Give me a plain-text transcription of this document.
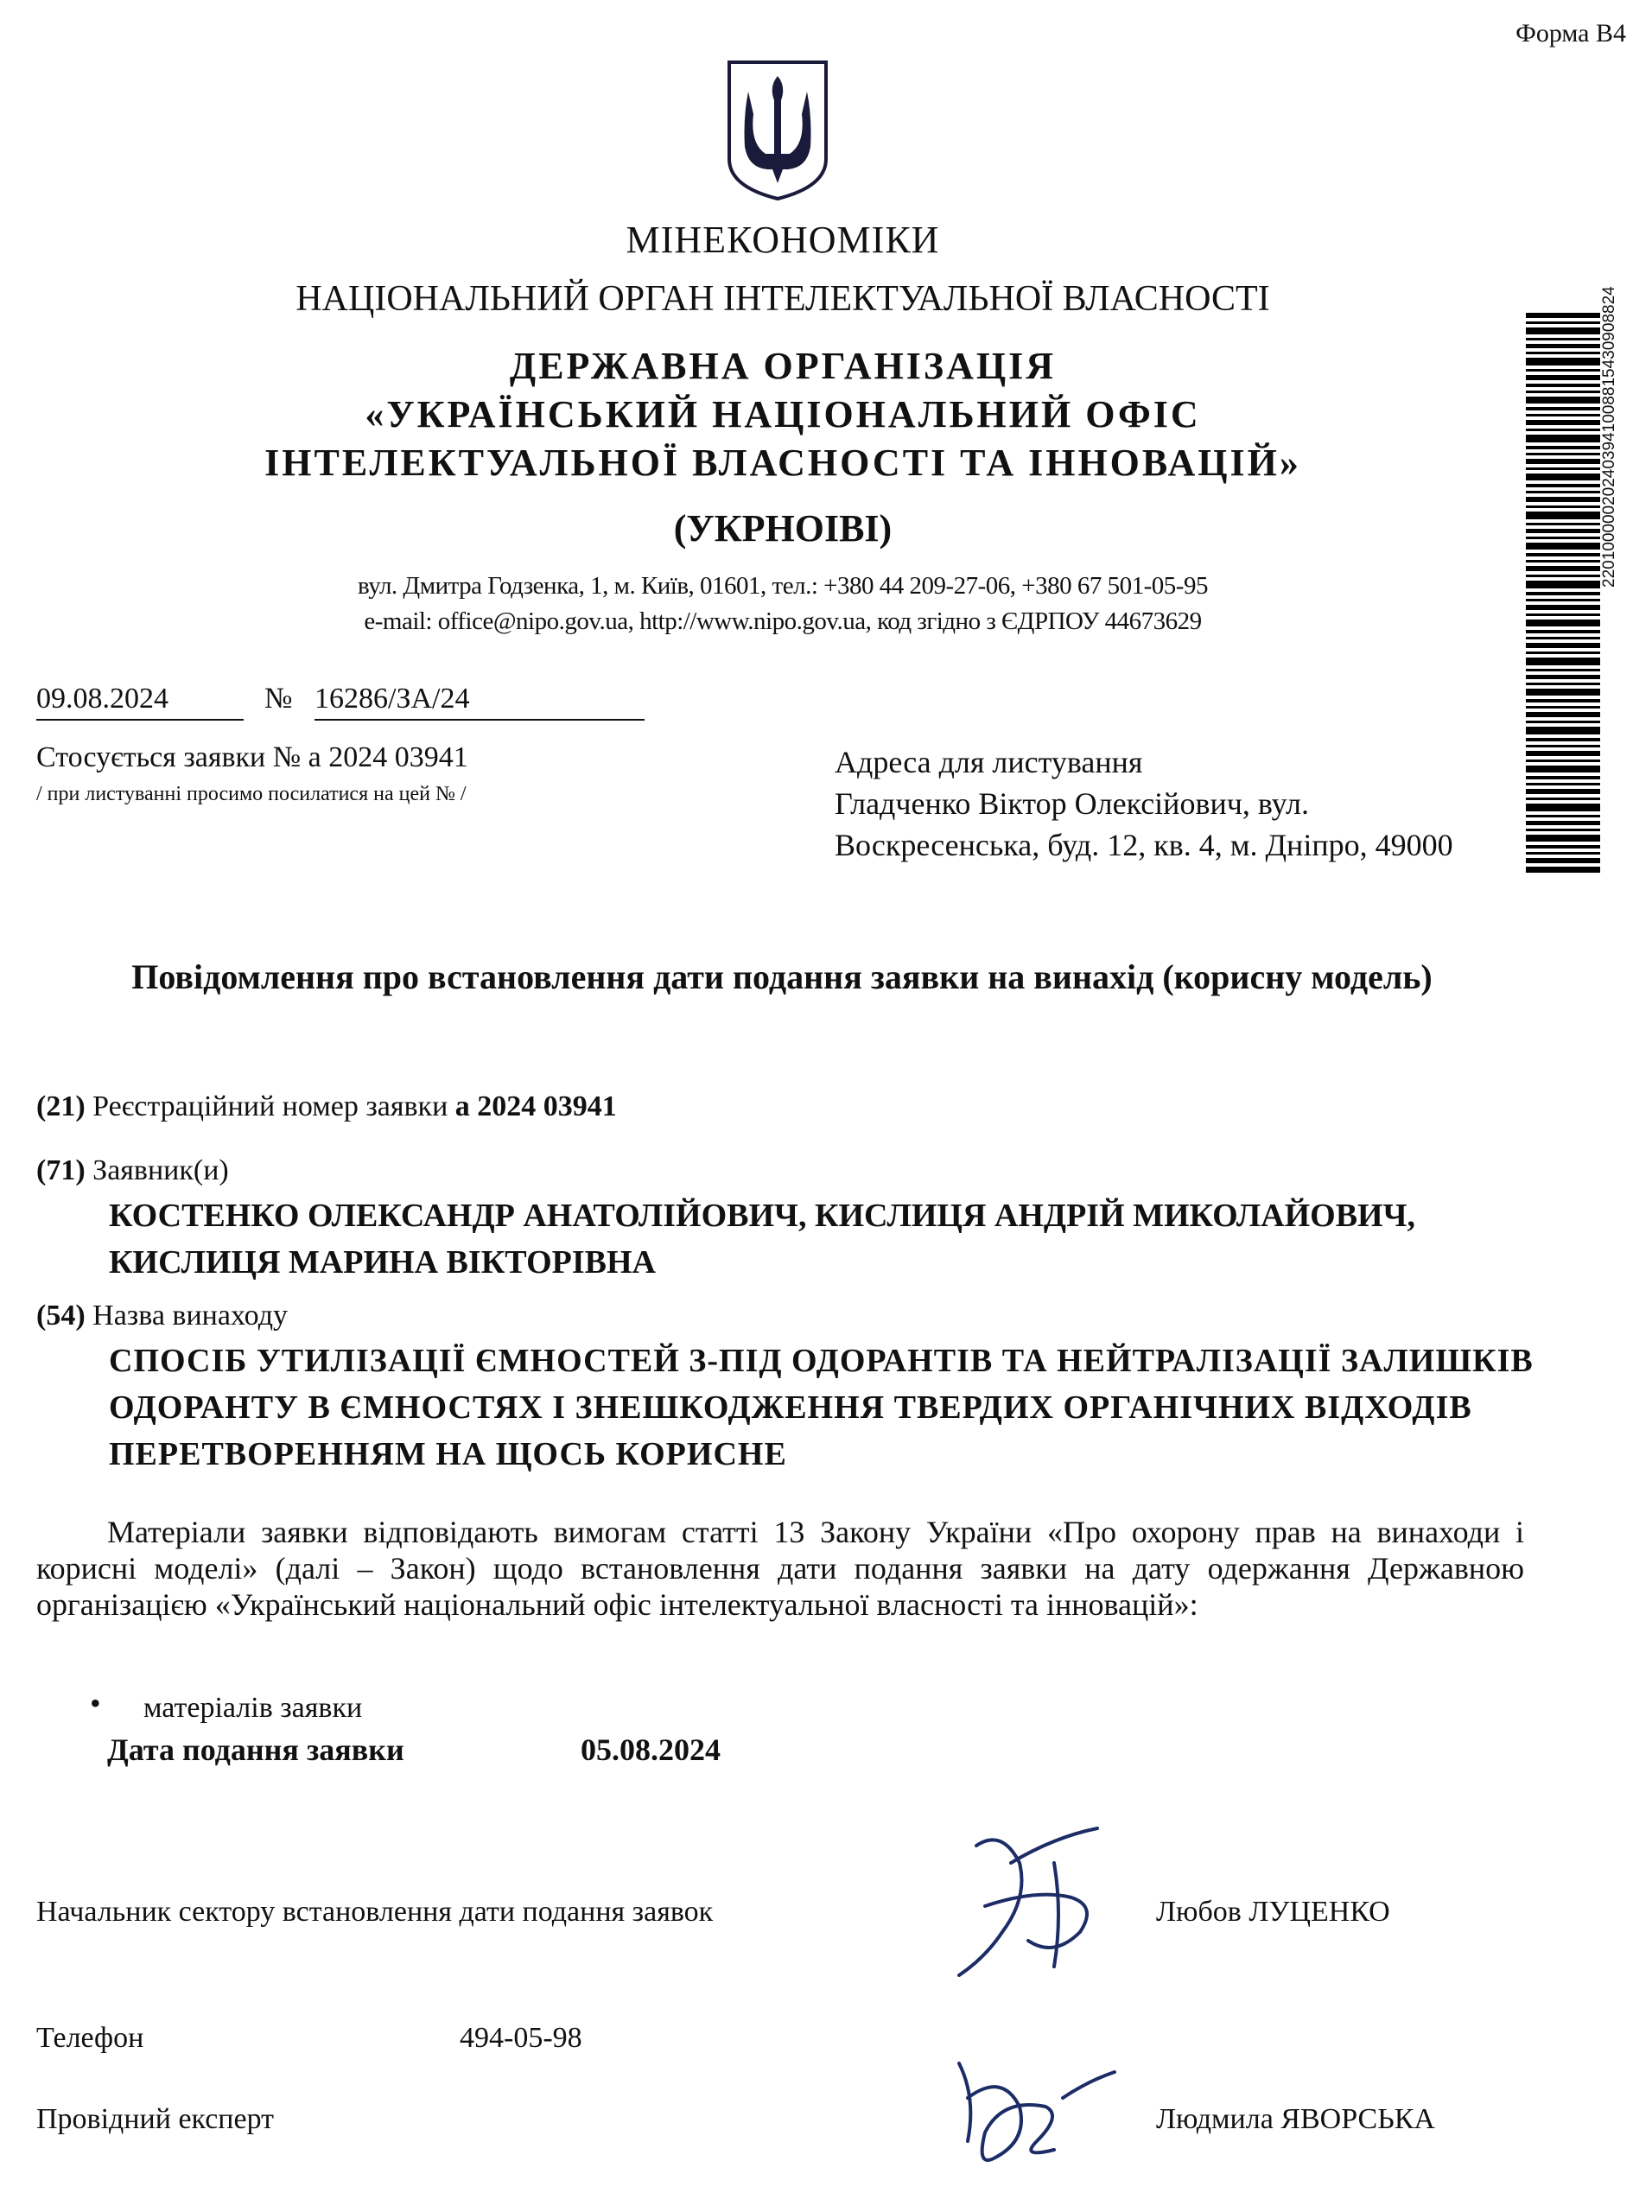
Форма В4
МІНЕКОНОМІКИ
НАЦІОНАЛЬНИЙ ОРГАН ІНТЕЛЕКТУАЛЬНОЇ ВЛАСНОСТІ
ДЕРЖАВНА ОРГАНІЗАЦІЯ
«УКРАЇНСЬКИЙ НАЦІОНАЛЬНИЙ ОФІС
ІНТЕЛЕКТУАЛЬНОЇ ВЛАСНОСТІ ТА ІННОВАЦІЙ»
(УКРНОІВІ)
вул. Дмитра Годзенка, 1, м. Київ, 01601, тел.: +380 44 209-27-06, +380 67 501-05-95
e-mail: office@nipo.gov.ua, http://www.nipo.gov.ua, код згідно з ЄДРПОУ 44673629
220100000202403941008815430908824
09.08.2024	№ 16286/ЗА/24
Стосується заявки № а 2024 03941
/ при листуванні просимо посилатися на цей № /
Адреса для листування
Гладченко Віктор Олексійович, вул. Воскресенська, буд. 12, кв. 4, м. Дніпро, 49000
Повідомлення про встановлення дати подання заявки на винахід (корисну модель)
(21) Реєстраційний номер заявки а 2024 03941
(71) Заявник(и)
КОСТЕНКО ОЛЕКСАНДР АНАТОЛІЙОВИЧ, КИСЛИЦЯ АНДРІЙ МИКОЛАЙОВИЧ, КИСЛИЦЯ МАРИНА ВІКТОРІВНА
(54) Назва винаходу
СПОСІБ УТИЛІЗАЦІЇ ЄМНОСТЕЙ З-ПІД ОДОРАНТІВ ТА НЕЙТРАЛІЗАЦІЇ ЗАЛИШКІВ ОДОРАНТУ В ЄМНОСТЯХ І ЗНЕШКОДЖЕННЯ ТВЕРДИХ ОРГАНІЧНИХ ВІДХОДІВ ПЕРЕТВОРЕННЯМ НА ЩОСЬ КОРИСНЕ
Матеріали заявки відповідають вимогам статті 13 Закону України «Про охорону прав на винаходи і корисні моделі» (далі – Закон) щодо встановлення дати подання заявки на дату одержання Державною організацією «Український національний офіс інтелектуальної власності та інновацій»:
• матеріалів заявки
Дата подання заявки	05.08.2024
Начальник сектору встановлення дати подання заявок	Любов ЛУЦЕНКО
Телефон	494-05-98
Провідний експерт	Людмила ЯВОРСЬКА
